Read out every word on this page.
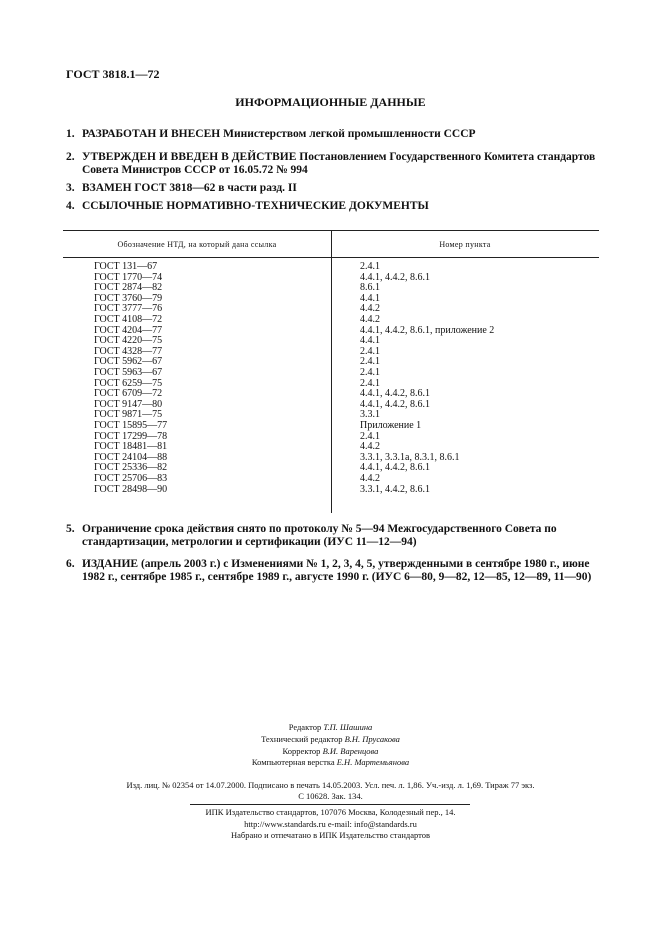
ГОСТ 3818.1—72
ИНФОРМАЦИОННЫЕ ДАННЫЕ
1. РАЗРАБОТАН И ВНЕСЕН Министерством легкой промышленности СССР
2. УТВЕРЖДЕН И ВВЕДЕН В ДЕЙСТВИЕ Постановлением Государственного Комитета стандартов Совета Министров СССР от 16.05.72 № 994
3. ВЗАМЕН ГОСТ 3818—62 в части разд. II
4. ССЫЛОЧНЫЕ НОРМАТИВНО-ТЕХНИЧЕСКИЕ ДОКУМЕНТЫ
Обозначение НТД, на который дана ссылка	Номер пункта
ГОСТ 131—67	2.4.1
ГОСТ 1770—74	4.4.1, 4.4.2, 8.6.1
ГОСТ 2874—82	8.6.1
ГОСТ 3760—79	4.4.1
ГОСТ 3777—76	4.4.2
ГОСТ 4108—72	4.4.2
ГОСТ 4204—77	4.4.1, 4.4.2, 8.6.1, приложение 2
ГОСТ 4220—75	4.4.1
ГОСТ 4328—77	2.4.1
ГОСТ 5962—67	2.4.1
ГОСТ 5963—67	2.4.1
ГОСТ 6259—75	2.4.1
ГОСТ 6709—72	4.4.1, 4.4.2, 8.6.1
ГОСТ 9147—80	4.4.1, 4.4.2, 8.6.1
ГОСТ 9871—75	3.3.1
ГОСТ 15895—77	Приложение 1
ГОСТ 17299—78	2.4.1
ГОСТ 18481—81	4.4.2
ГОСТ 24104—88	3.3.1, 3.3.1а, 8.3.1, 8.6.1
ГОСТ 25336—82	4.4.1, 4.4.2, 8.6.1
ГОСТ 25706—83	4.4.2
ГОСТ 28498—90	3.3.1, 4.4.2, 8.6.1
5. Ограничение срока действия снято по протоколу № 5—94 Межгосударственного Совета по стандартизации, метрологии и сертификации (ИУС 11—12—94)
6. ИЗДАНИЕ (апрель 2003 г.) с Изменениями № 1, 2, 3, 4, 5, утвержденными в сентябре 1980 г., июне 1982 г., сентябре 1985 г., сентябре 1989 г., августе 1990 г. (ИУС 6—80, 9—82, 12—85, 12—89, 11—90)
Редактор Т.П. Шашина
Технический редактор В.Н. Прусакова
Корректор В.И. Варенцова
Компьютерная верстка Е.Н. Мартемьянова
Изд. лиц. № 02354 от 14.07.2000. Подписано в печать 14.05.2003. Усл. печ. л. 1,86. Уч.-изд. л. 1,69. Тираж 77 экз.
С 10628. Зак. 134.
ИПК Издательство стандартов, 107076 Москва, Колодезный пер., 14.
http://www.standards.ru e-mail: info@standards.ru
Набрано и отпечатано в ИПК Издательство стандартов
